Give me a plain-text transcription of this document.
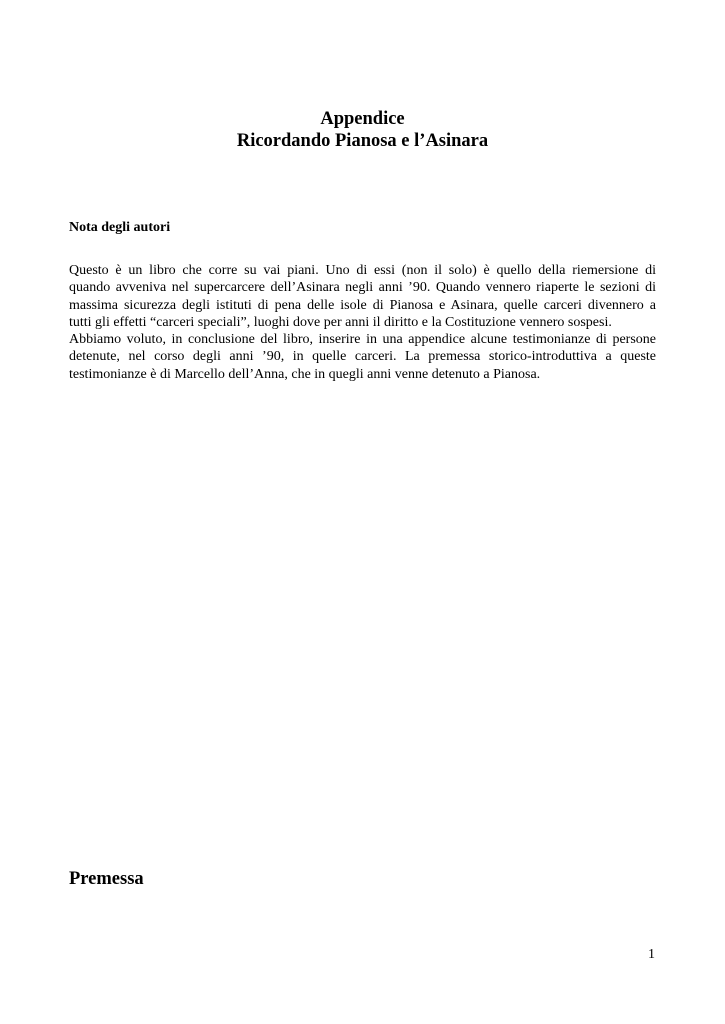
Appendice
Ricordando Pianosa e l’Asinara
Nota degli autori
Questo è un libro che corre su vai piani. Uno di essi (non il solo) è quello della riemersione di
quando avveniva nel supercarcere dell’Asinara negli anni ’90. Quando vennero riaperte le sezioni di
massima sicurezza degli istituti di pena delle isole di Pianosa e Asinara, quelle carceri divennero a
tutti gli effetti “carceri speciali”, luoghi dove per anni il diritto e la Costituzione vennero sospesi.
Abbiamo voluto, in conclusione del libro, inserire in una appendice alcune testimonianze di persone
detenute, nel corso degli anni ’90, in quelle carceri. La premessa storico-introduttiva a queste
testimonianze è di Marcello dell’Anna, che in quegli anni venne detenuto a Pianosa.
Premessa
1
